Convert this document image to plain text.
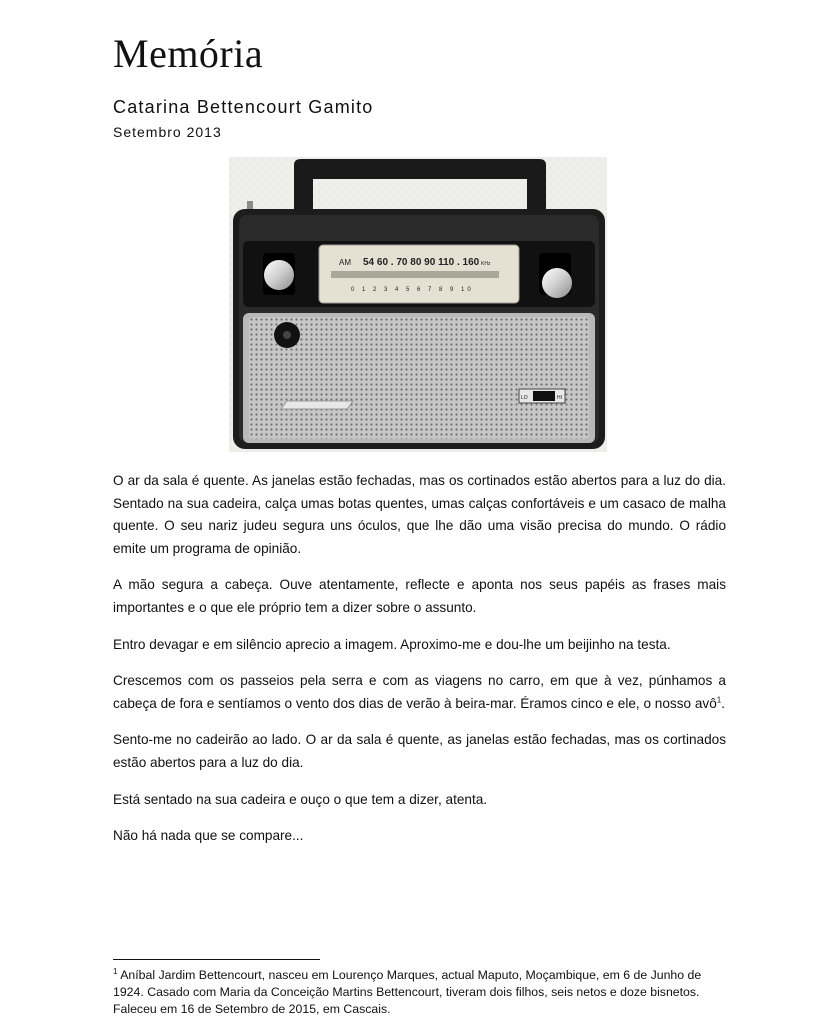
Memória
Catarina Bettencourt Gamito
Setembro 2013
AM 54 60 . 70 80 90 110 . 160 KHz
0 1 2 3 4 5 6 7 8 9 10
LO	HI

O ar da sala é quente. As janelas estão fechadas, mas os cortinados estão abertos para a luz do dia. Sentado na sua cadeira, calça umas botas quentes, umas calças confortáveis e um casaco de malha quente. O seu nariz judeu segura uns óculos, que lhe dão uma visão precisa do mundo. O rádio emite um programa de opinião.

A mão segura a cabeça. Ouve atentamente, reflecte e aponta nos seus papéis as frases mais importantes e o que ele próprio tem a dizer sobre o assunto.

Entro devagar e em silêncio aprecio a imagem. Aproximo-me e dou-lhe um beijinho na testa.

Crescemos com os passeios pela serra e com as viagens no carro, em que à vez, púnhamos a cabeça de fora e sentíamos o vento dos dias de verão à beira-mar. Éramos cinco e ele, o nosso avô$^1$.

Sento-me no cadeirão ao lado. O ar da sala é quente, as janelas estão fechadas, mas os cortinados estão abertos para a luz do dia.

Está sentado na sua cadeira e ouço o que tem a dizer, atenta.

Não há nada que se compare...

$^1$ Aníbal Jardim Bettencourt, nasceu em Lourenço Marques, actual Maputo, Moçambique, em 6 de Junho de 1924. Casado com Maria da Conceição Martins Bettencourt, tiveram dois filhos, seis netos e doze bisnetos. Faleceu em 16 de Setembro de 2015, em Cascais.
